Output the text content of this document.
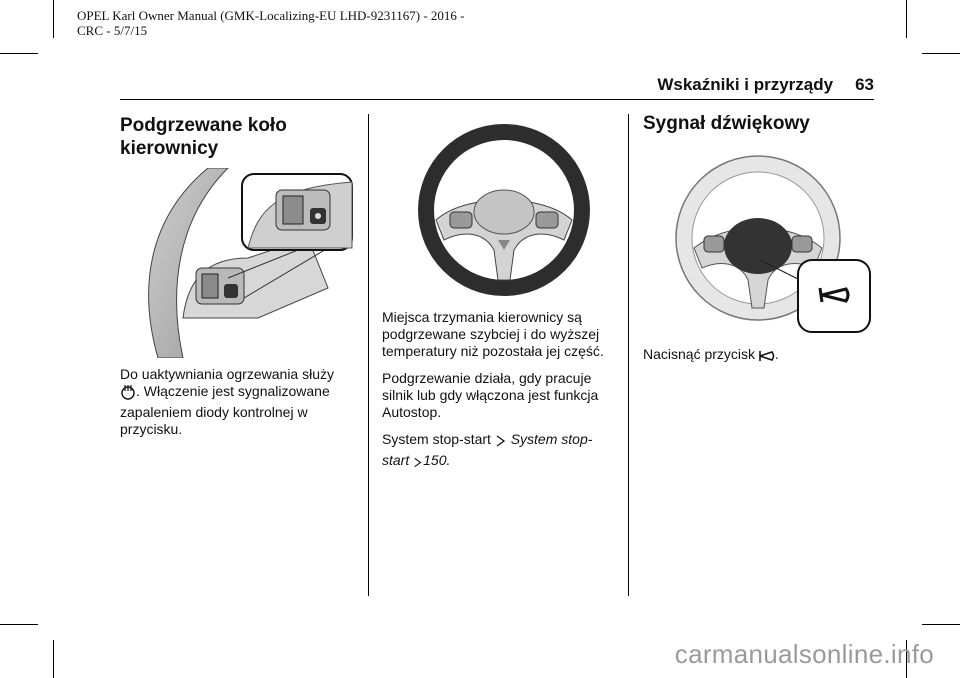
OPEL Karl Owner Manual (GMK-Localizing-EU LHD-9231167) - 2016 -
CRC - 5/7/15
Wskaźniki i przyrządy 63
Podgrzewane koło
kierownicy

Do uaktywniania ogrzewania służy
. Włączenie jest sygnalizowane
zapaleniem diody kontrolnej w
przycisku.

Miejsca trzymania kierownicy są podgrzewane szybciej i do wyższej temperatury niż pozostała jej część.

Podgrzewanie działa, gdy pracuje silnik lub gdy włączona jest funkcja Autostop.

System stop-start System stop-start 150.

Sygnał dźwiękowy

Nacisnąć przycisk .

carmanualsonline.info
